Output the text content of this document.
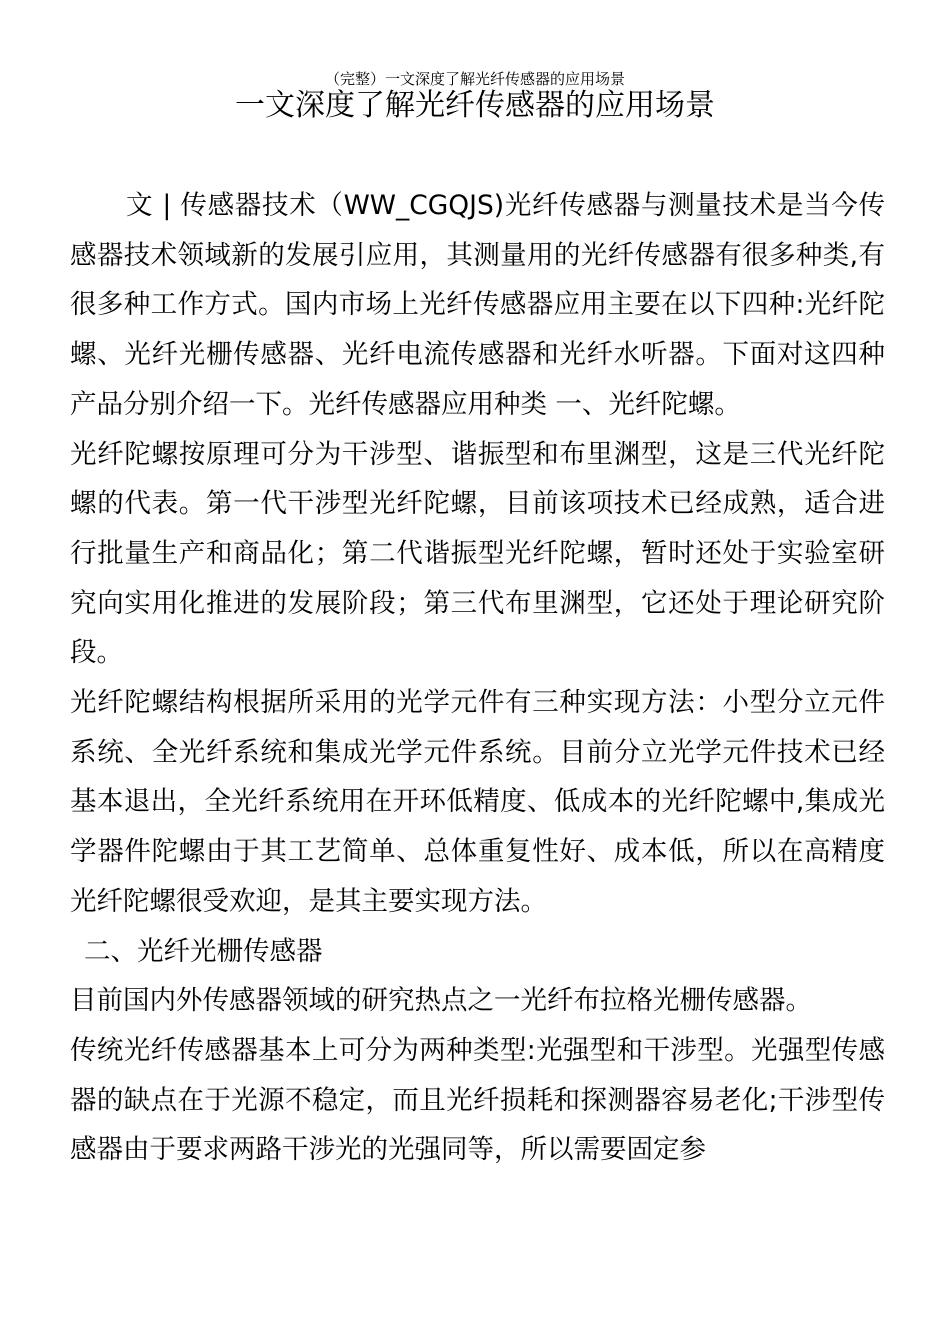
（完整）一文深度了解光纤传感器的应用场景
一文深度了解光纤传感器的应用场景

文 | 传感器技术（WW_CGQJS)光纤传感器与测量技术是当今传感器技术领域新的发展引应用，其测量用的光纤传感器有很多种类,有很多种工作方式。国内市场上光纤传感器应用主要在以下四种:光纤陀螺、光纤光栅传感器、光纤电流传感器和光纤水听器。下面对这四种产品分别介绍一下。光纤传感器应用种类 一、光纤陀螺。

光纤陀螺按原理可分为干涉型、谐振型和布里渊型，这是三代光纤陀螺的代表。第一代干涉型光纤陀螺，目前该项技术已经成熟，适合进行批量生产和商品化；第二代谐振型光纤陀螺，暂时还处于实验室研究向实用化推进的发展阶段；第三代布里渊型，它还处于理论研究阶段。

光纤陀螺结构根据所采用的光学元件有三种实现方法：小型分立元件系统、全光纤系统和集成光学元件系统。目前分立光学元件技术已经基本退出，全光纤系统用在开环低精度、低成本的光纤陀螺中,集成光学器件陀螺由于其工艺简单、总体重复性好、成本低，所以在高精度光纤陀螺很受欢迎，是其主要实现方法。

二、光纤光栅传感器

目前国内外传感器领域的研究热点之一光纤布拉格光栅传感器。

传统光纤传感器基本上可分为两种类型:光强型和干涉型。光强型传感器的缺点在于光源不稳定，而且光纤损耗和探测器容易老化;干涉型传感器由于要求两路干涉光的光强同等，所以需要固定参
